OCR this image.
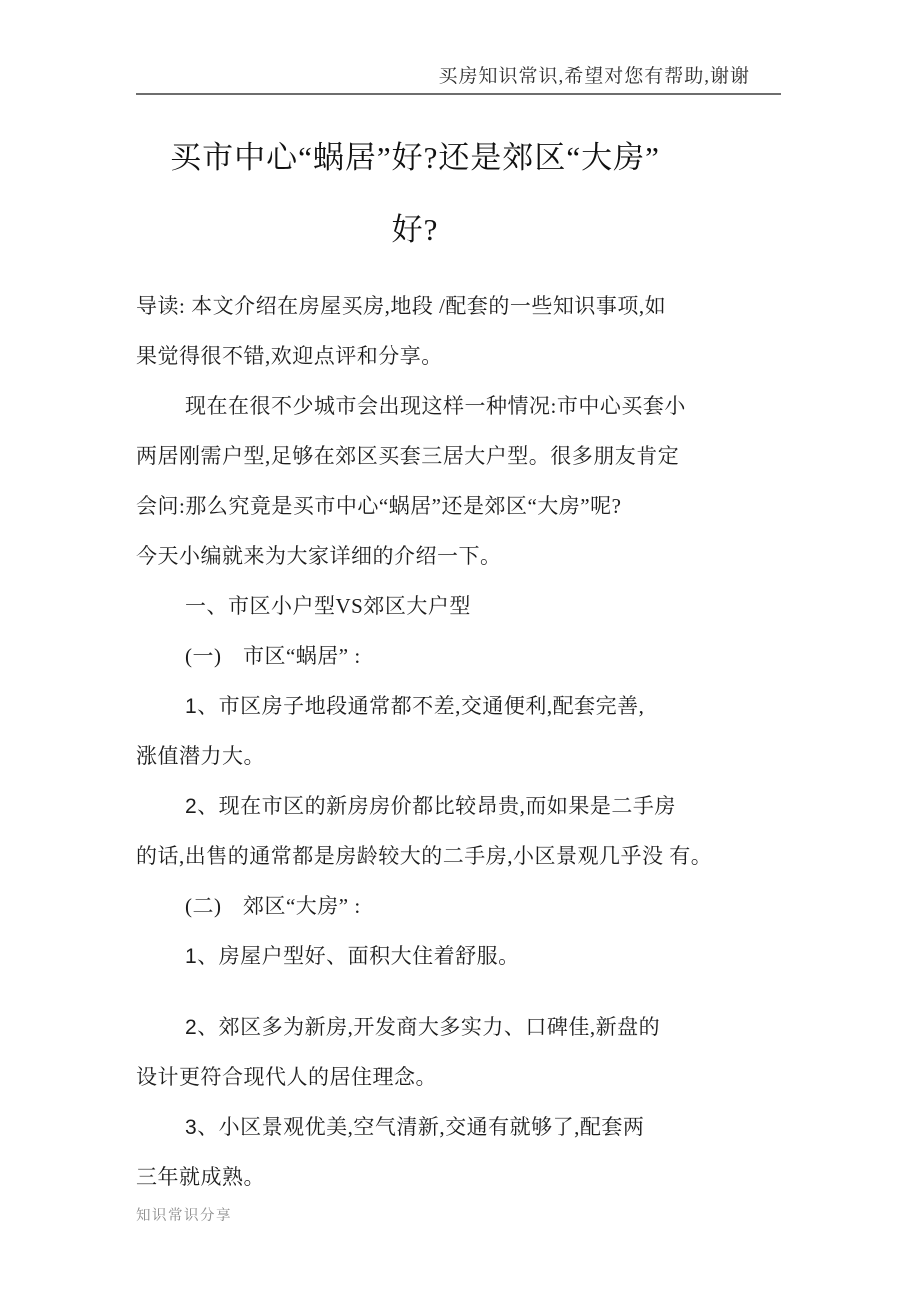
买房知识常识,希望对您有帮助,谢谢
买市中心“蜗居”好?还是郊区“大房”
好?
导读: 本文介绍在房屋买房,地段 /配套的一些知识事项,如
果觉得很不错,欢迎点评和分享。
现在在很不少城市会出现这样一种情况:市中心买套小
两居刚需户型,足够在郊区买套三居大户型。很多朋友肯定
会问:那么究竟是买市中心“蜗居”还是郊区“大房”呢?
今天小编就来为大家详细的介绍一下。
一、市区小户型VS郊区大户型
(一)　市区“蜗居” :
1、市区房子地段通常都不差,交通便利,配套完善,
涨值潜力大。
2、现在市区的新房房价都比较昂贵,而如果是二手房
的话,出售的通常都是房龄较大的二手房,小区景观几乎没 有。
(二)　郊区“大房” :
1、房屋户型好、面积大住着舒服。
2、郊区多为新房,开发商大多实力、口碑佳,新盘的
设计更符合现代人的居住理念。
3、小区景观优美,空气清新,交通有就够了,配套两
三年就成熟。
知识常识分享
